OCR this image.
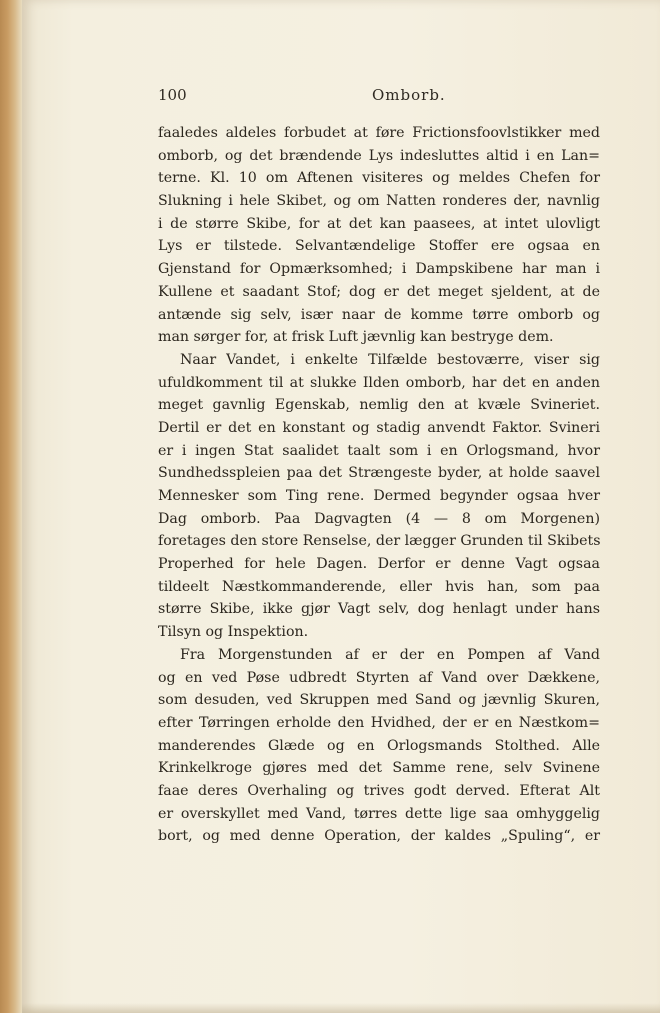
100	Omborb.
faaledes aldeles forbudet at føre Frictionsfoovlstikker med
omborb, og det brændende Lys indesluttes altid i en Lan=
terne. Kl. 10 om Aftenen visiteres og meldes Chefen for
Slukning i hele Skibet, og om Natten ronderes der, navnlig
i de større Skibe, for at det kan paasees, at intet ulovligt
Lys er tilstede. Selvantændelige Stoffer ere ogsaa en
Gjenstand for Opmærksomhed; i Dampskibene har man i
Kullene et saadant Stof; dog er det meget sjeldent, at de
antænde sig selv, især naar de komme tørre omborb og
man sørger for, at frisk Luft jævnlig kan bestryge dem.
Naar Vandet, i enkelte Tilfælde bestoværre, viser sig
ufuldkomment til at slukke Ilden omborb, har det en anden
meget gavnlig Egenskab, nemlig den at kvæle Svineriet.
Dertil er det en konstant og stadig anvendt Faktor. Svineri
er i ingen Stat saalidet taalt som i en Orlogsmand, hvor
Sundhedsspleien paa det Strængeste byder, at holde saavel
Mennesker som Ting rene. Dermed begynder ogsaa hver
Dag omborb. Paa Dagvagten (4 — 8 om Morgenen)
foretages den store Renselse, der lægger Grunden til Skibets
Properhed for hele Dagen. Derfor er denne Vagt ogsaa
tildeelt Næstkommanderende, eller hvis han, som paa
større Skibe, ikke gjør Vagt selv, dog henlagt under hans
Tilsyn og Inspektion.
Fra Morgenstunden af er der en Pompen af Vand
og en ved Pøse udbredt Styrten af Vand over Dækkene,
som desuden, ved Skruppen med Sand og jævnlig Skuren,
efter Tørringen erholde den Hvidhed, der er en Næstkom=
manderendes Glæde og en Orlogsmands Stolthed. Alle
Krinkelkroge gjøres med det Samme rene, selv Svinene
faae deres Overhaling og trives godt derved. Efterat Alt
er overskyllet med Vand, tørres dette lige saa omhyggelig
bort, og med denne Operation, der kaldes „Spuling“, er
